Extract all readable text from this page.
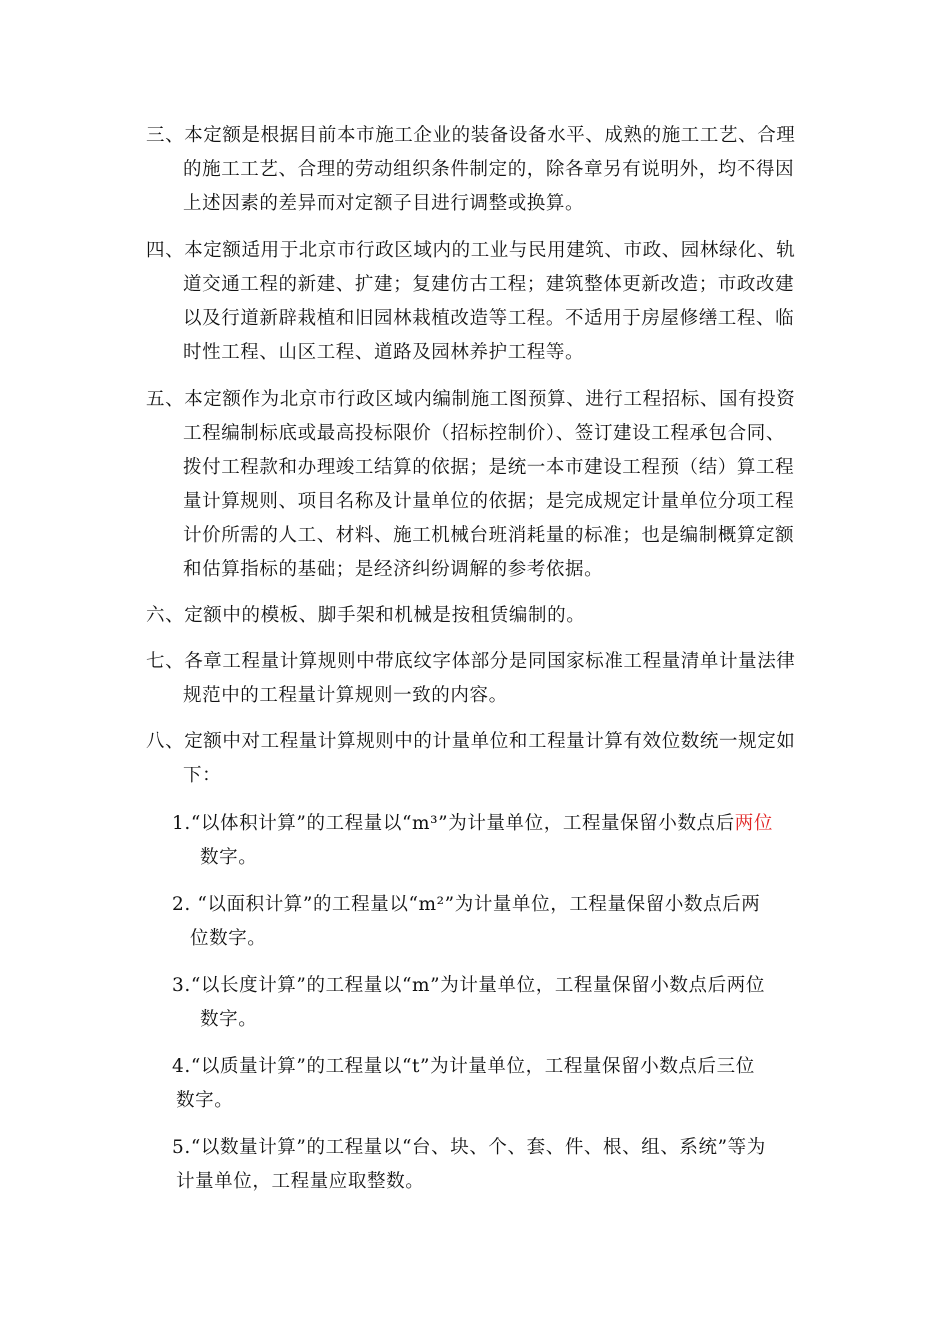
三、本定额是根据目前本市施工企业的装备设备水平、成熟的施工工艺、合理
的施工工艺、合理的劳动组织条件制定的，除各章另有说明外，均不得因
上述因素的差异而对定额子目进行调整或换算。
四、本定额适用于北京市行政区域内的工业与民用建筑、市政、园林绿化、轨
道交通工程的新建、扩建；复建仿古工程；建筑整体更新改造；市政改建
以及行道新辟栽植和旧园林栽植改造等工程。不适用于房屋修缮工程、临
时性工程、山区工程、道路及园林养护工程等。
五、本定额作为北京市行政区域内编制施工图预算、进行工程招标、国有投资
工程编制标底或最高投标限价（招标控制价）、签订建设工程承包合同、
拨付工程款和办理竣工结算的依据；是统一本市建设工程预（结）算工程
量计算规则、项目名称及计量单位的依据；是完成规定计量单位分项工程
计价所需的人工、材料、施工机械台班消耗量的标准；也是编制概算定额
和估算指标的基础；是经济纠纷调解的参考依据。
六、定额中的模板、脚手架和机械是按租赁编制的。
七、各章工程量计算规则中带底纹字体部分是同国家标准工程量清单计量法律
规范中的工程量计算规则一致的内容。
八、定额中对工程量计算规则中的计量单位和工程量计算有效位数统一规定如
下：
1.“以体积计算”的工程量以“m³”为计量单位，工程量保留小数点后两位
数字。
2. “以面积计算”的工程量以“m²”为计量单位，工程量保留小数点后两
位数字。
3.“以长度计算”的工程量以“m”为计量单位，工程量保留小数点后两位
数字。
4.“以质量计算”的工程量以“t”为计量单位，工程量保留小数点后三位
数字。
5.“以数量计算”的工程量以“台、块、个、套、件、根、组、系统”等为
计量单位，工程量应取整数。
